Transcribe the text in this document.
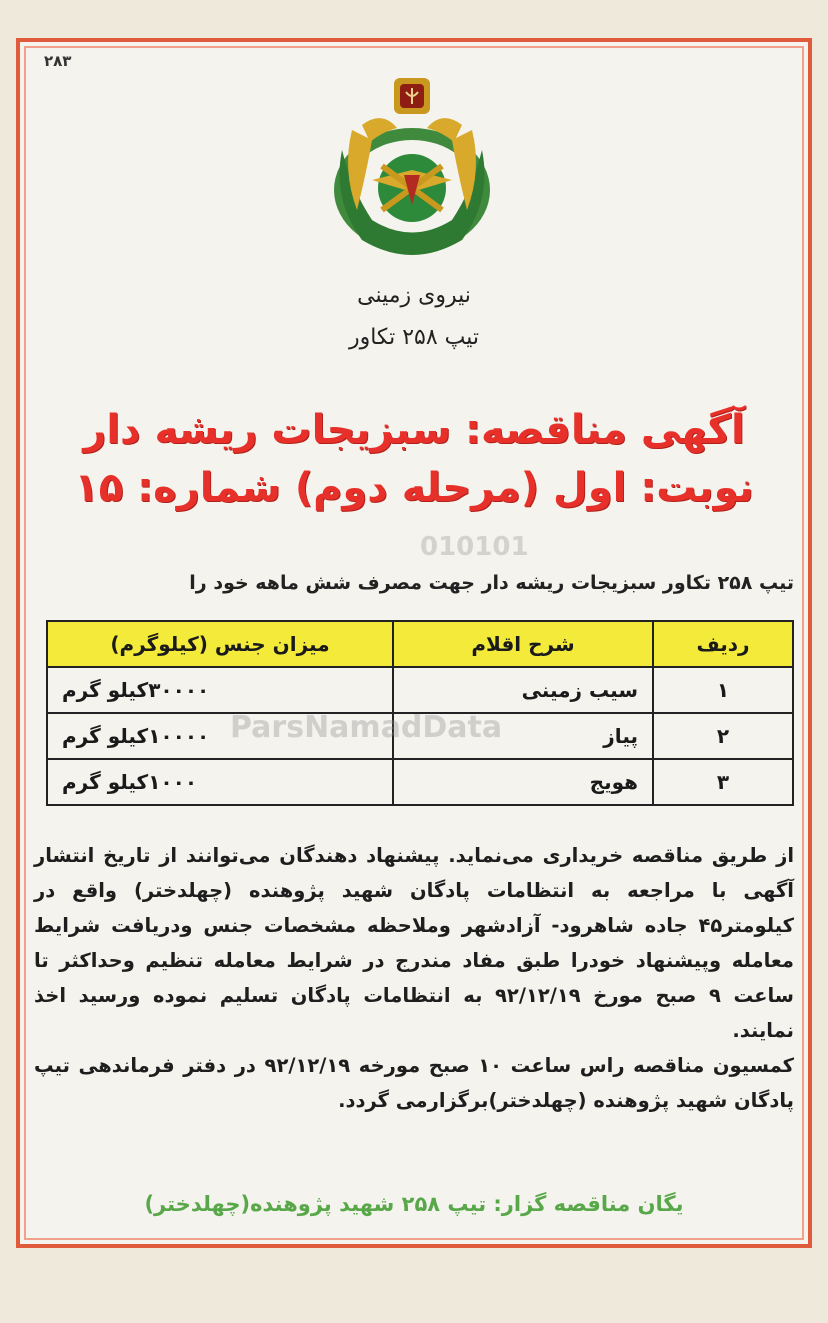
۲۸۳
نیروی زمینی
تیپ ۲۵۸ تکاور
آگهی مناقصه: سبزیجات ریشه دار
نوبت: اول (مرحله دوم) شماره: ۱۵
010101
تیپ ۲۵۸ تکاور سبزیجات ریشه دار جهت مصرف شش ماهه خود را
ردیف	شرح اقلام	میزان جنس (کیلوگرم)
۱	سیب زمینی	۳۰۰۰۰کیلو گرم
۲	پیاز	۱۰۰۰۰کیلو گرم
۳	هویج	۱۰۰۰کیلو گرم
ParsNamadData

از طریق مناقصه خریداری می‌نماید. پیشنهاد دهندگان می‌توانند از تاریخ انتشار آگهی با مراجعه به انتظامات پادگان شهید پژوهنده (چهلدختر) واقع در کیلومتر۴۵ جاده شاهرود- آزادشهر وملاحظه مشخصات جنس ودریافت شرایط معامله وپیشنهاد خودرا طبق مفاد مندرج در شرایط معامله تنظیم وحداکثر تا ساعت ۹ صبح مورخ ۹۲/۱۲/۱۹ به انتظامات پادگان تسلیم نموده ورسید اخذ نمایند.

کمسیون مناقصه راس ساعت ۱۰ صبح مورخه ۹۲/۱۲/۱۹ در دفتر فرماندهی تیپ پادگان شهید پژوهنده (چهلدختر)برگزارمی گردد.

یگان مناقصه گزار: تیپ ۲۵۸ شهید پژوهنده(چهلدختر)
